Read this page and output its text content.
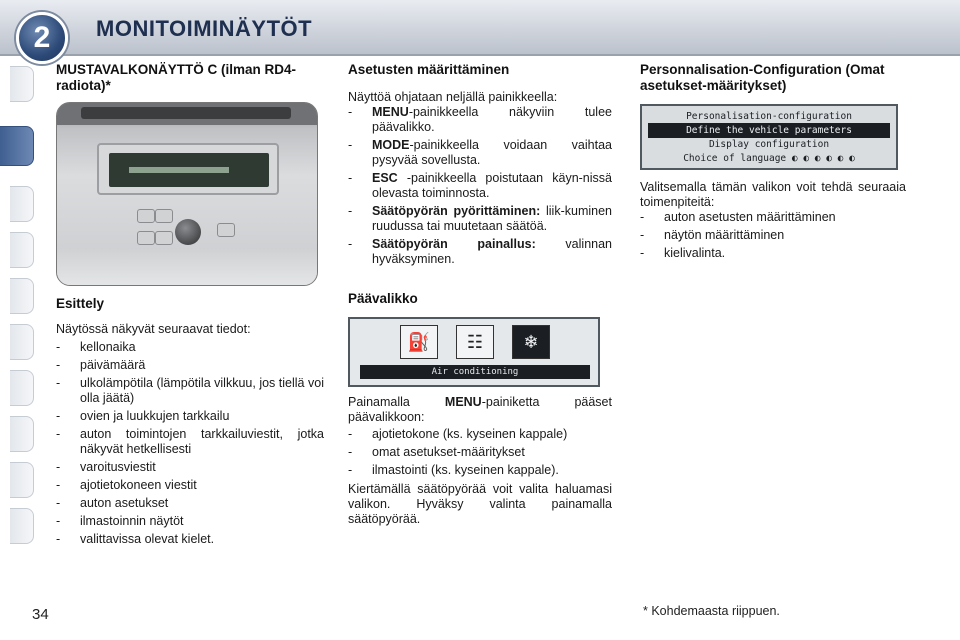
2	MONITOIMINÄYTÖT
MUSTAVALKONÄYTTÖ C (ilman RD4-radiota)*
Esittely

Näytössä näkyvät seuraavat tiedot:

- kellonaika
- päivämäärä
- ulkolämpötila (lämpötila vilkkuu, jos tiellä voi olla jäätä)
- ovien ja luukkujen tarkkailu
- auton toimintojen tarkkailuviestit, jotka näkyvät hetkellisesti
- varoitusviestit
- ajotietokoneen viestit
- auton asetukset
- ilmastoinnin näytöt
- valittavissa olevat kielet.
Asetusten määrittäminen

Näyttöä ohjataan neljällä painikkeella:

- MENU-painikkeella näkyviin tulee päävalikko.
- MODE-painikkeella voidaan vaihtaa pysyvää sovellusta.
- ESC -painikkeella poistutaan käyn-nissä olevasta toiminnosta.
- Säätöpyörän pyörittäminen: liik-kuminen ruudussa tai muutetaan säätöä.
- Säätöpyörän painallus: valinnan hyväksyminen.
Päävalikko
⛽	☷	❄
Air conditioning

Painamalla MENU-painiketta pääset päävalikkoon:

- ajotietokone (ks. kyseinen kappale)
- omat asetukset-määritykset
- ilmastointi (ks. kyseinen kappale).

Kiertämällä säätöpyörää voit valita haluamasi valikon. Hyväksy valinta painamalla säätöpyörää.

Personnalisation-Configuration (Omat asetukset-määritykset)
Personalisation-configuration
Define the vehicle parameters
Display configuration
Choice of language ◐ ◐ ◐ ◐ ◐ ◐

Valitsemalla tämän valikon voit tehdä seuraaia toimenpiteitä:

- auton asetusten määrittäminen
- näytön määrittäminen
- kielivalinta.
34	* Kohdemaasta riippuen.
